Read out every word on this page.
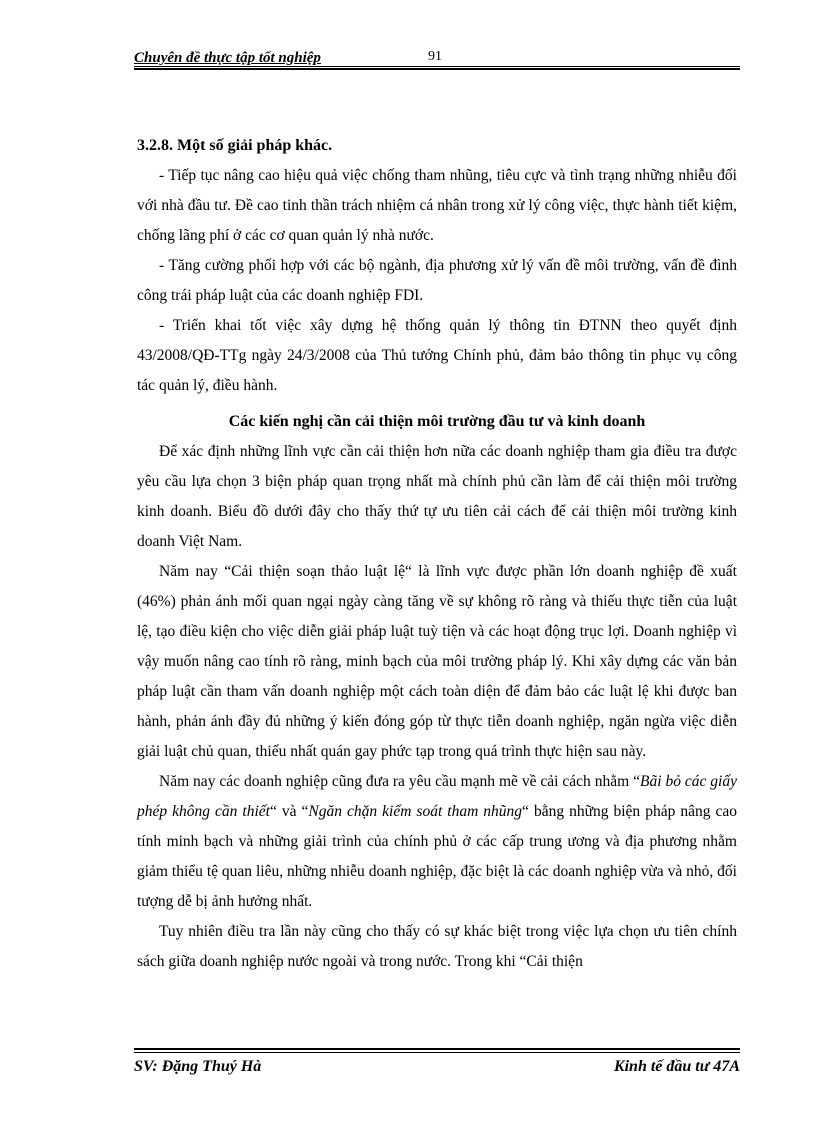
Chuyên đề thực tập tốt nghiệp	91

3.2.8. Một số giải pháp khác.

- Tiếp tục nâng cao hiệu quả việc chống tham nhũng, tiêu cực và tình trạng những nhiễu đối với nhà đầu tư. Đề cao tinh thần trách nhiệm cá nhân trong xử lý công việc, thực hành tiết kiệm, chống lãng phí ở các cơ quan quản lý nhà nước.

- Tăng cường phối hợp với các bộ ngành, địa phương xử lý vấn đề môi trường, vấn đề đình công trái pháp luật của các doanh nghiệp FDI.

- Triển khai tốt việc xây dựng hệ thống quản lý thông tin ĐTNN theo quyết định 43/2008/QĐ-TTg ngày 24/3/2008 của Thủ tướng Chính phủ, đảm bảo thông tin phục vụ công tác quản lý, điều hành.

Các kiến nghị cần cải thiện môi trường đầu tư và kinh doanh

Để xác định những lĩnh vực cần cải thiện hơn nữa các doanh nghiệp tham gia điều tra được yêu cầu lựa chọn 3 biện pháp quan trọng nhất mà chính phủ cần làm để cải thiện môi trường kinh doanh. Biểu đồ dưới đây cho thấy thứ tự ưu tiên cải cách để cải thiện môi trường kinh doanh Việt Nam.

Năm nay “Cải thiện soạn thảo luật lệ“ là lĩnh vực được phần lớn doanh nghiệp đề xuất (46%) phản ánh mối quan ngại ngày càng tăng về sự không rõ ràng và thiếu thực tiễn của luật lệ, tạo điều kiện cho việc diễn giải pháp luật tuỳ tiện và các hoạt động trục lợi. Doanh nghiệp vì vậy muốn nâng cao tính rõ ràng, minh bạch của môi trường pháp lý. Khi xây dựng các văn bản pháp luật cần tham vấn doanh nghiệp một cách toàn diện để đảm bảo các luật lệ khi được ban hành, phản ánh đầy đủ những ý kiến đóng góp từ thực tiễn doanh nghiệp, ngăn ngừa việc diễn giải luật chủ quan, thiếu nhất quán gay phức tạp trong quá trình thực hiện sau này.

Năm nay các doanh nghiệp cũng đưa ra yêu cầu mạnh mẽ về cải cách nhằm “Bãi bỏ các giấy phép không cần thiết“ và “Ngăn chặn kiểm soát tham nhũng“ bằng những biện pháp nâng cao tính minh bạch và những giải trình của chính phủ ở các cấp trung ương và địa phương nhằm giảm thiểu tệ quan liêu, những nhiễu doanh nghiệp, đặc biệt là các doanh nghiệp vừa và nhỏ, đối tượng dễ bị ảnh hưởng nhất.

Tuy nhiên điều tra lần này cũng cho thấy có sự khác biệt trong việc lựa chọn ưu tiên chính sách giữa doanh nghiệp nước ngoài và trong nước. Trong khi “Cải thiện

SV: Đặng Thuý Hà	Kinh tế đầu tư 47A
